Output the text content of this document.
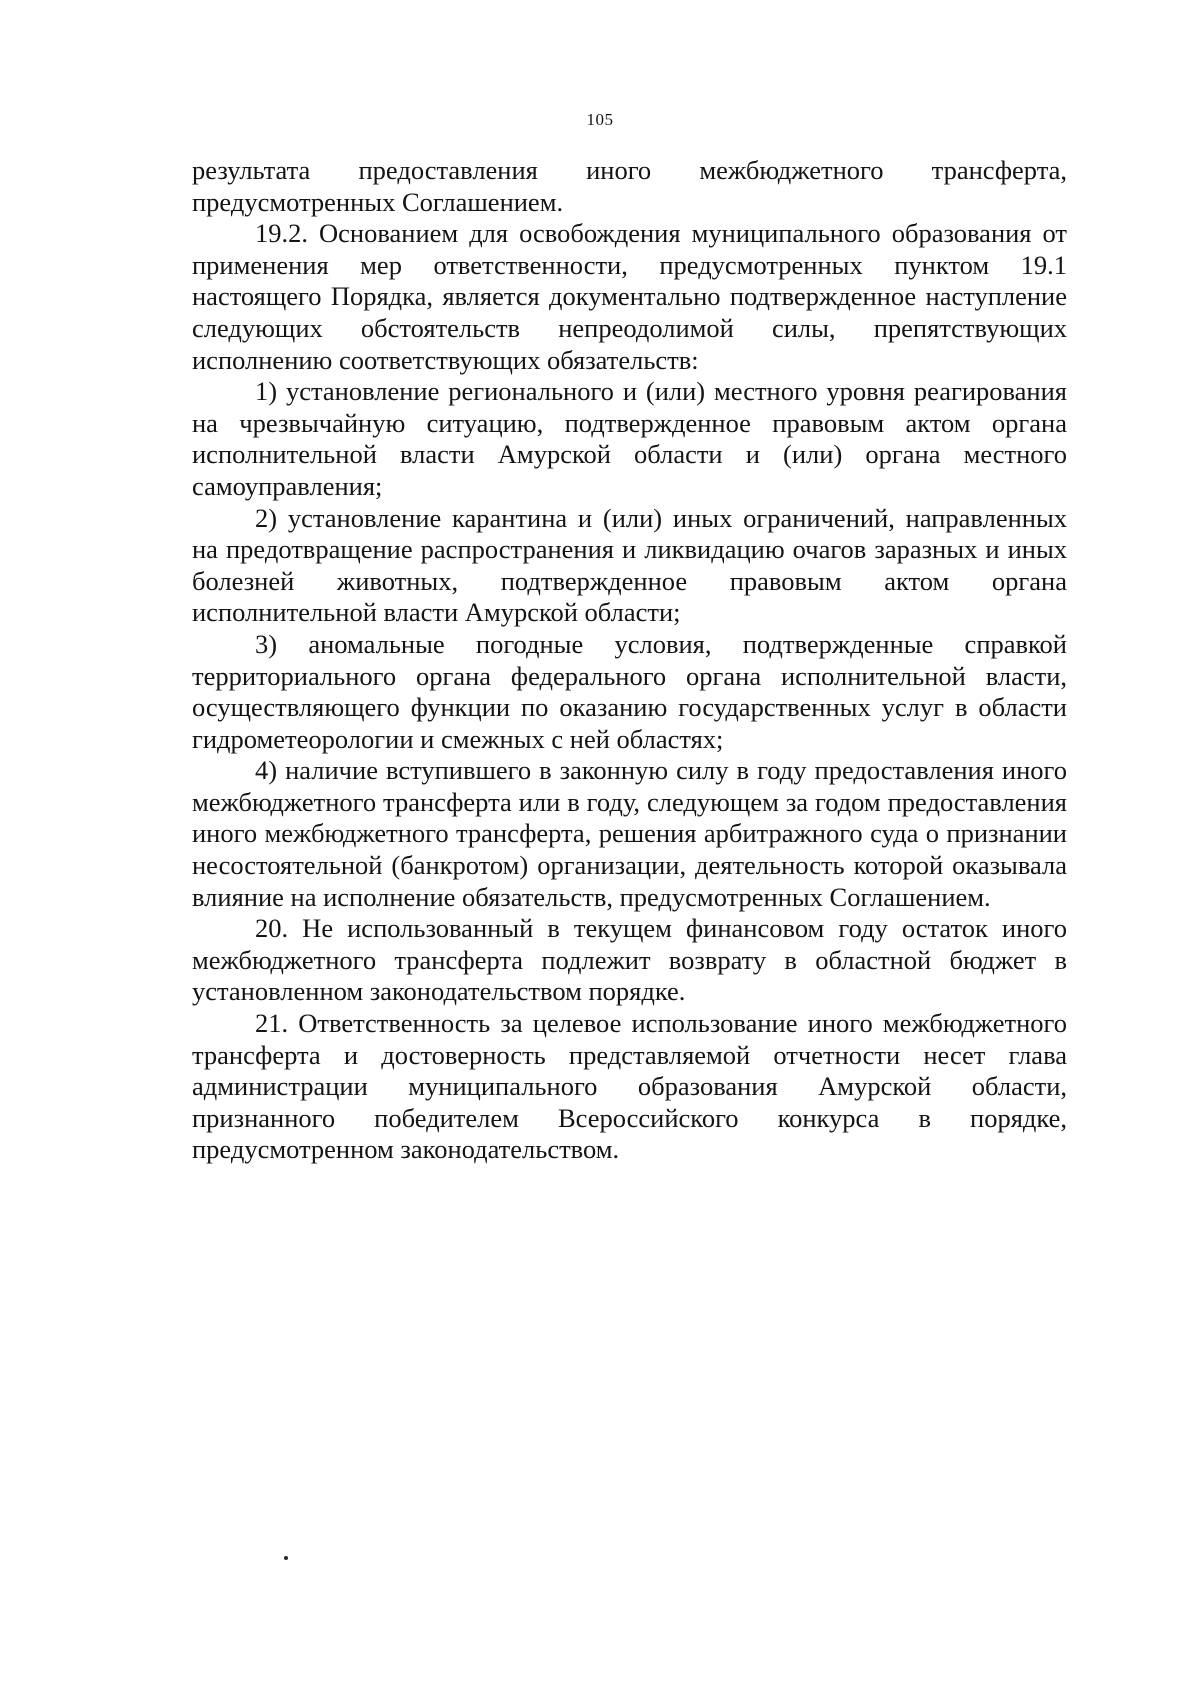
105

результата предоставления иного межбюджетного трансферта, предусмотренных Соглашением.

19.2. Основанием для освобождения муниципального образования от применения мер ответственности, предусмотренных пунктом 19.1 настоящего Порядка, является документально подтвержденное наступление следующих обстоятельств непреодолимой силы, препятствующих исполнению соответствующих обязательств:

1) установление регионального и (или) местного уровня реагирования на чрезвычайную ситуацию, подтвержденное правовым актом органа исполнительной власти Амурской области и (или) органа местного самоуправления;

2) установление карантина и (или) иных ограничений, направленных на предотвращение распространения и ликвидацию очагов заразных и иных болезней животных, подтвержденное правовым актом органа исполнительной власти Амурской области;

3) аномальные погодные условия, подтвержденные справкой территориального органа федерального органа исполнительной власти, осуществляющего функции по оказанию государственных услуг в области гидрометеорологии и смежных с ней областях;

4) наличие вступившего в законную силу в году предоставления иного межбюджетного трансферта или в году, следующем за годом предоставления иного межбюджетного трансферта, решения арбитражного суда о признании несостоятельной (банкротом) организации, деятельность которой оказывала влияние на исполнение обязательств, предусмотренных Соглашением.

20. Не использованный в текущем финансовом году остаток иного межбюджетного трансферта подлежит возврату в областной бюджет в установленном законодательством порядке.

21. Ответственность за целевое использование иного межбюджетного трансферта и достоверность представляемой отчетности несет глава администрации муниципального образования Амурской области, признанного победителем Всероссийского конкурса в порядке, предусмотренном законодательством.
